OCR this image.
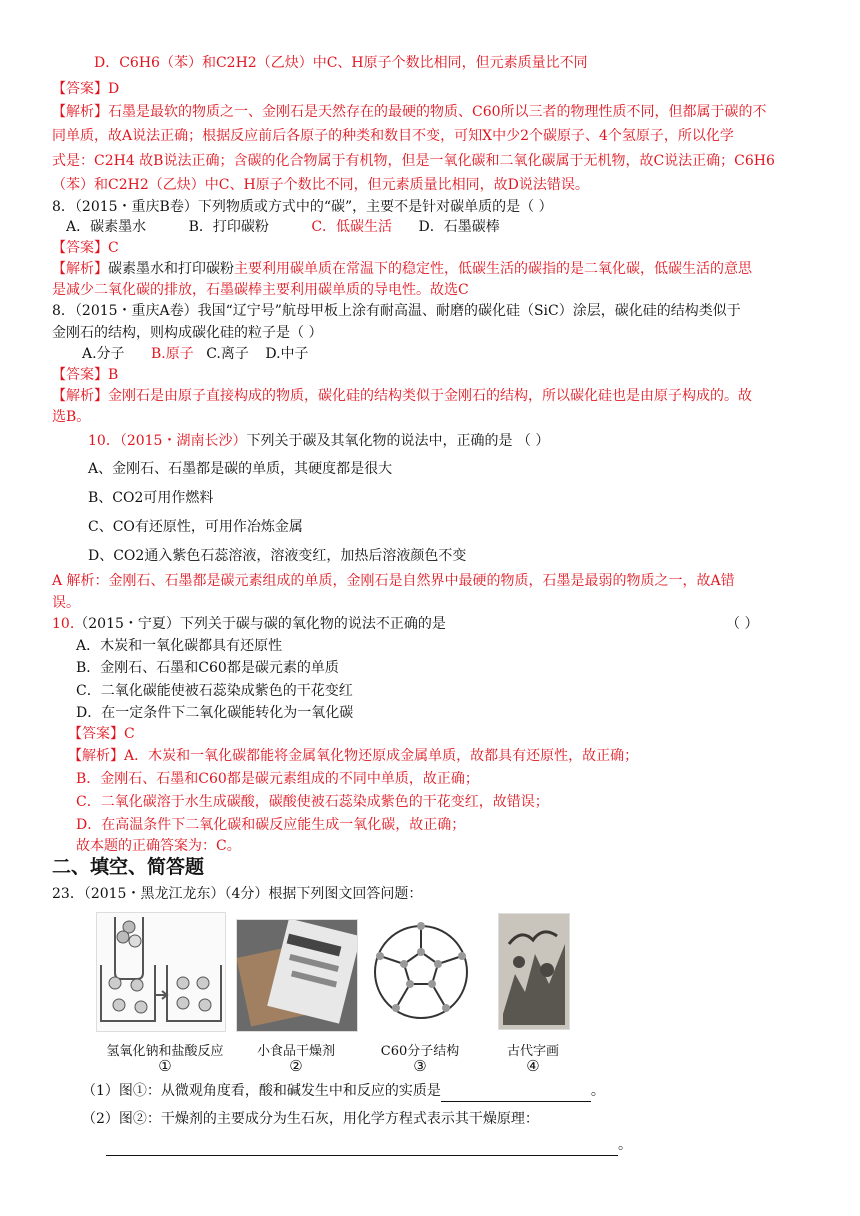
D．C6H6（苯）和C2H2（乙炔）中C、H原子个数比相同，但元素质量比不同
【答案】D
【解析】石墨是最软的物质之一、金刚石是天然存在的最硬的物质、C60所以三者的物理性质不同，但都属于碳的不
同单质，故A说法正确；根据反应前后各原子的种类和数目不变，可知X中少2个碳原子、4个氢原子，所以化学
式是：C2H4 故B说法正确；含碳的化合物属于有机物，但是一氧化碳和二氧化碳属于无机物，故C说法正确；C6H6
（苯）和C2H2（乙炔）中C、H原子个数比不同，但元素质量比相同，故D说法错误。
8．（2015・重庆B卷）下列物质或方式中的“碳”，主要不是针对碳单质的是（ ）
A．碳素墨水	B．打印碳粉	C．低碳生活 D．石墨碳棒
【答案】C
【解析】碳素墨水和打印碳粉主要利用碳单质在常温下的稳定性，低碳生活的碳指的是二氧化碳，低碳生活的意思
是减少二氧化碳的排放，石墨碳棒主要利用碳单质的导电性。故选C
8．（2015・重庆A卷）我国“辽宁号”航母甲板上涂有耐高温、耐磨的碳化硅（SiC）涂层，碳化硅的结构类似于
金刚石的结构，则构成碳化硅的粒子是（ ）
A.分子 B.原子 C.离子 D.中子
【答案】B
【解析】金刚石是由原子直接构成的物质，碳化硅的结构类似于金刚石的结构，所以碳化硅也是由原子构成的。故
选B。
10．（2015・湖南长沙）下列关于碳及其氧化物的说法中，正确的是 （ ）
A、金刚石、石墨都是碳的单质，其硬度都是很大
B、CO2可用作燃料
C、CO有还原性，可用作冶炼金属
D、CO2通入紫色石蕊溶液，溶液变红，加热后溶液颜色不变
A 解析：金刚石、石墨都是碳元素组成的单质，金刚石是自然界中最硬的物质，石墨是最弱的物质之一，故A错
误。
10.（2015・宁夏）下列关于碳与碳的氧化物的说法不正确的是	（ ）
A．木炭和一氧化碳都具有还原性
B．金刚石、石墨和C60都是碳元素的单质
C．二氧化碳能使被石蕊染成紫色的干花变红
D．在一定条件下二氧化碳能转化为一氧化碳
【答案】C
【解析】A．木炭和一氧化碳都能将金属氧化物还原成金属单质，故都具有还原性，故正确；
B．金刚石、石墨和C60都是碳元素组成的不同中单质，故正确；
C．二氧化碳溶于水生成碳酸，碳酸使被石蕊染成紫色的干花变红，故错误；
D．在高温条件下二氧化碳和碳反应能生成一氧化碳，故正确；
故本题的正确答案为：C。
二、填空、简答题
23．（2015・黑龙江龙东）（4分）根据下列图文回答问题：
氢氧化钠和盐酸反应
①
小食品干燥剂
②
C60分子结构
③
古代字画
④
（1）图①：从微观角度看，酸和碱发生中和反应的实质是	。
（2）图②：干燥剂的主要成分为生石灰，用化学方程式表示其干燥原理：
。
